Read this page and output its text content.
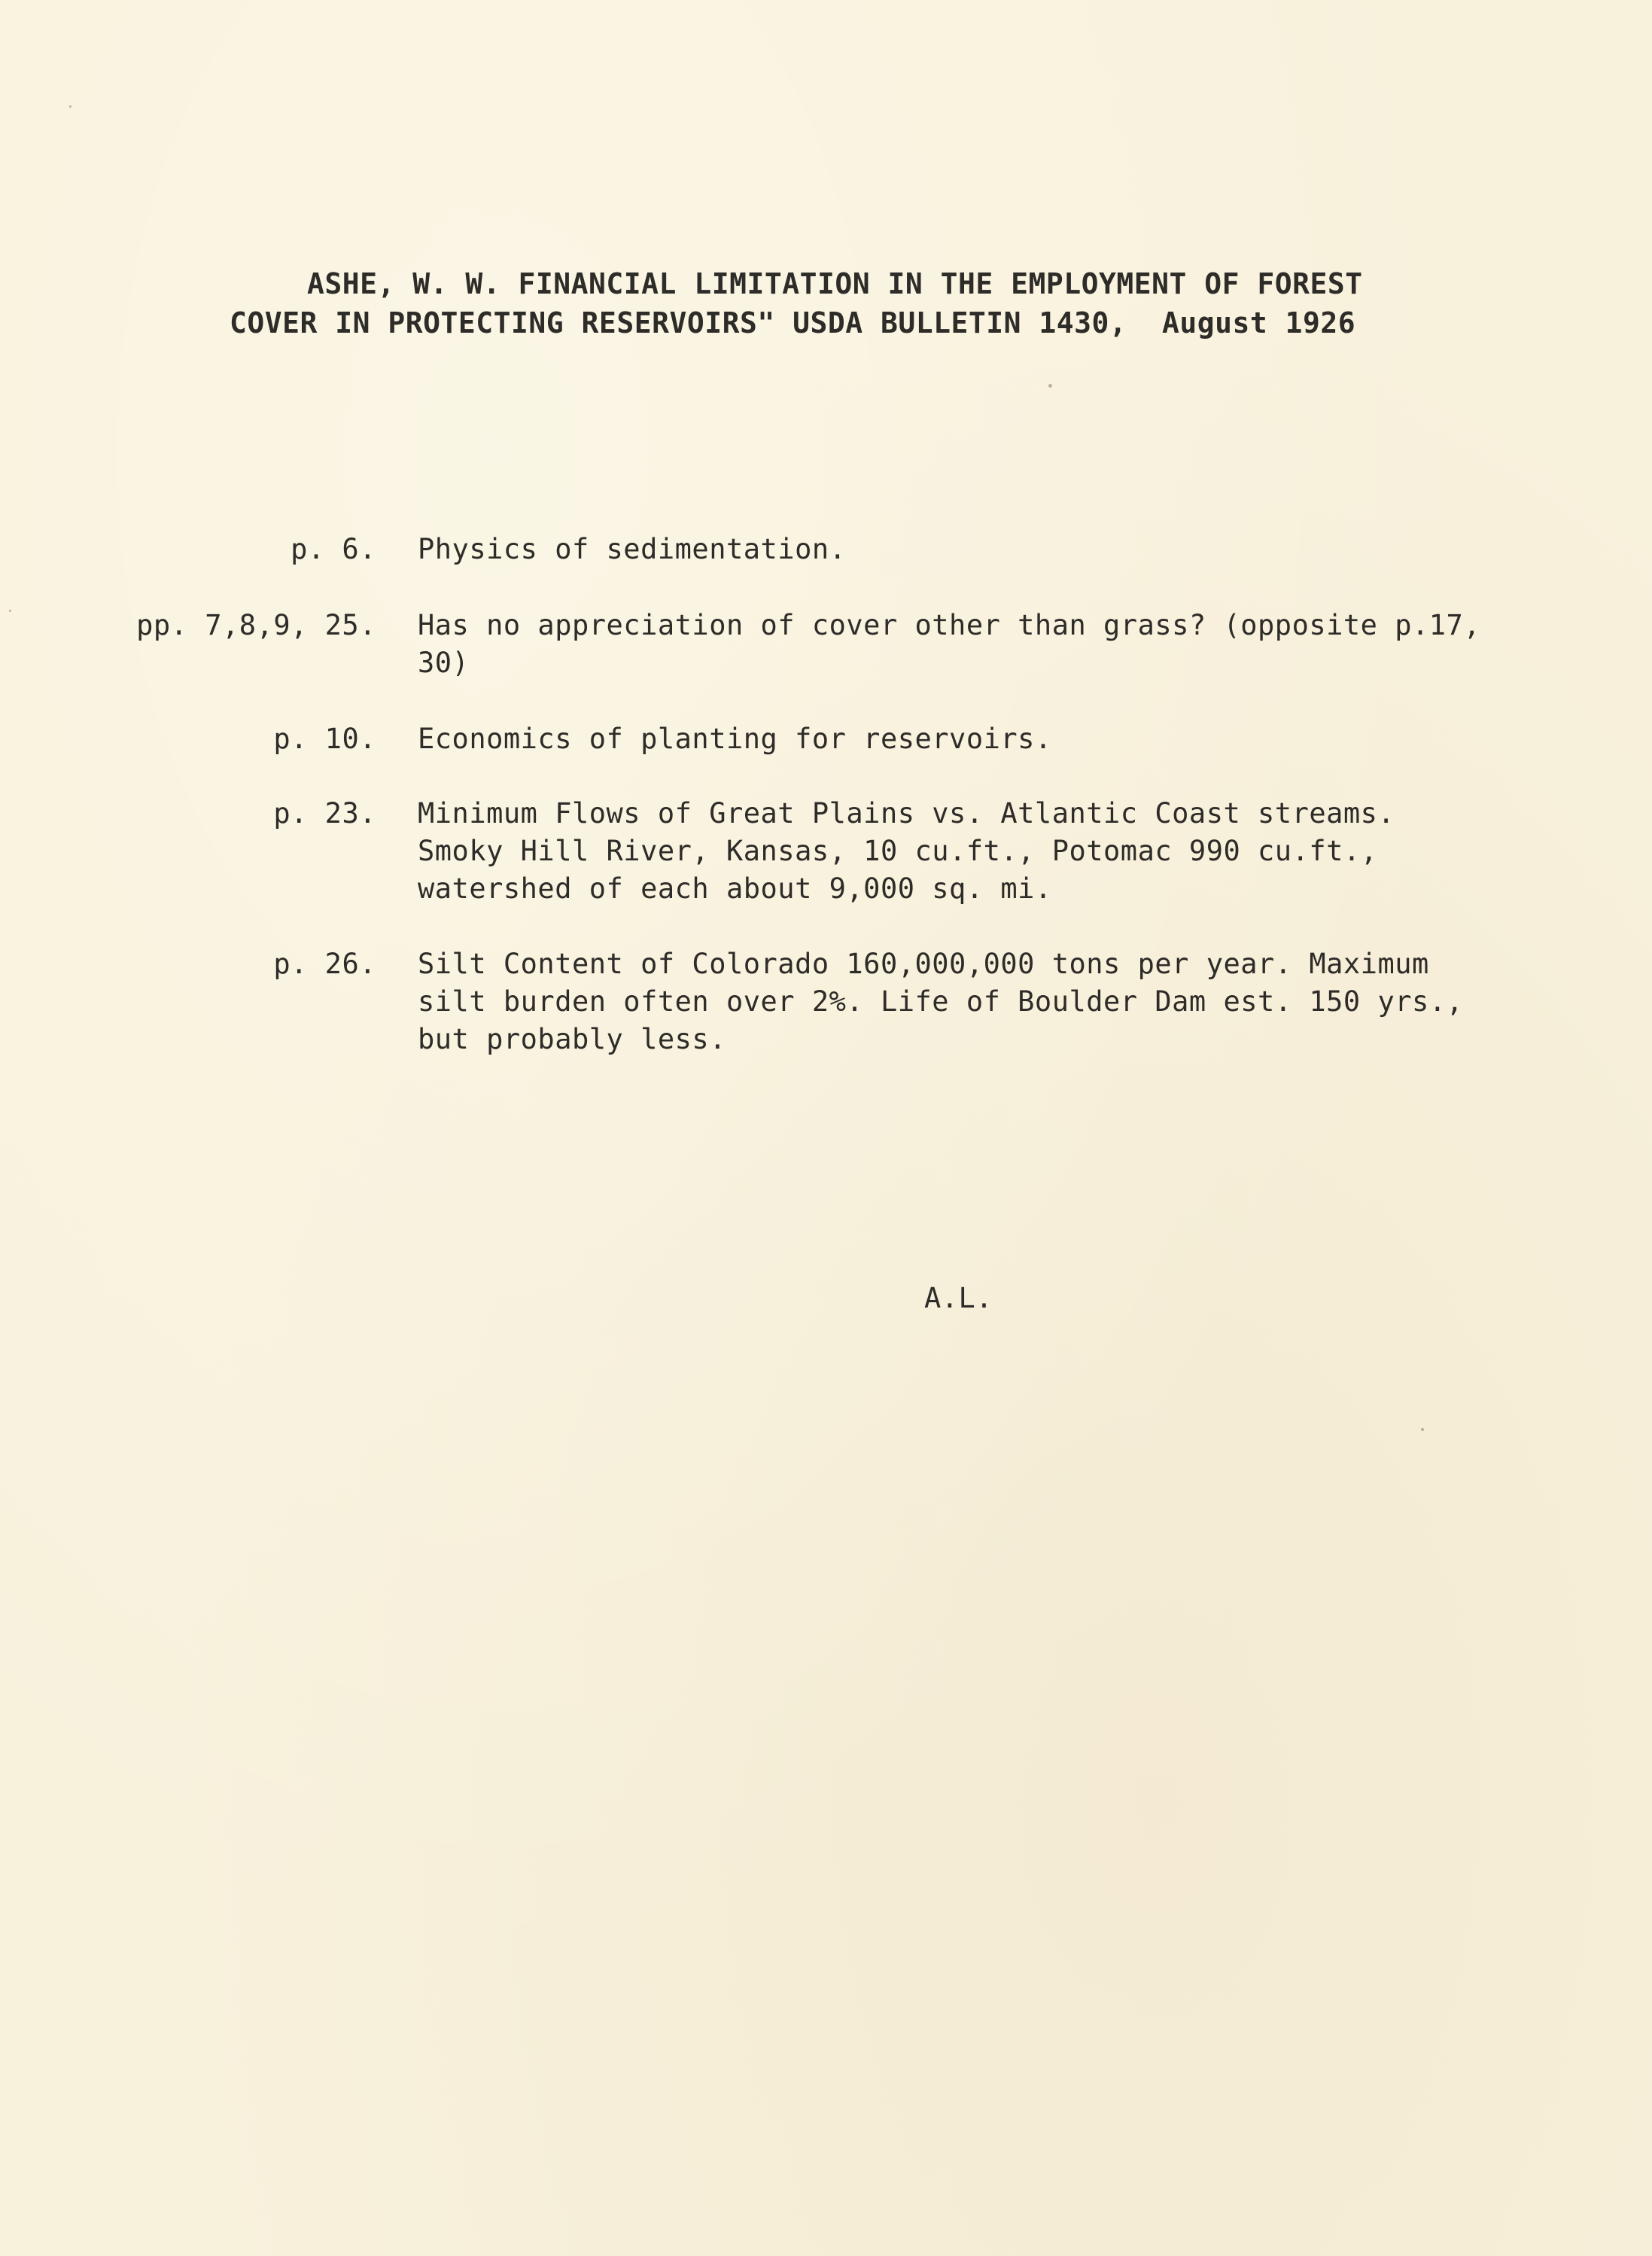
ASHE, W. W. FINANCIAL LIMITATION IN THE EMPLOYMENT OF FOREST
COVER IN PROTECTING RESERVOIRS" USDA BULLETIN 1430,  August 1926
p. 6. Physics of sedimentation.
pp. 7,8,9, 25. Has no appreciation of cover other than grass? (opposite p.17,
30)
p. 10. Economics of planting for reservoirs.
p. 23. Minimum Flows of Great Plains vs. Atlantic Coast streams.
Smoky Hill River, Kansas, 10 cu.ft., Potomac 990 cu.ft.,
watershed of each about 9,000 sq. mi.
p. 26. Silt Content of Colorado 160,000,000 tons per year. Maximum
silt burden often over 2%. Life of Boulder Dam est. 150 yrs.,
but probably less.
A.L.
